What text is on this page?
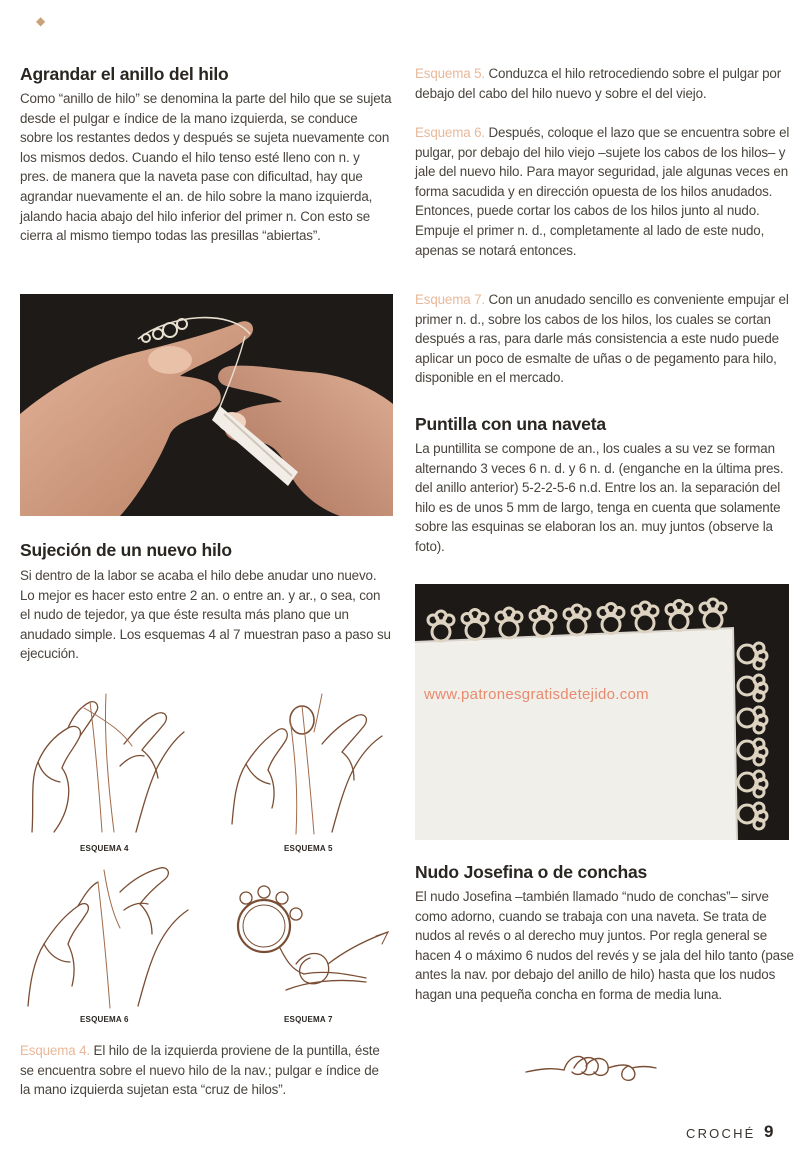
◆
Agrandar el anillo del hilo

Como “anillo de hilo” se denomina la parte del hilo que se sujeta desde el pulgar e índice de la mano izquierda, se conduce sobre los restantes dedos y después se sujeta nuevamente con los mismos dedos. Cuando el hilo tenso esté lleno con n. y pres. de manera que la naveta pase con dificultad, hay que agrandar nuevamente el an. de hilo sobre la mano izquierda, jalando hacia abajo del hilo inferior del primer n. Con esto se cierra al mismo tiempo todas las presillas “abiertas”.

Sujeción de un nuevo hilo

Si dentro de la labor se acaba el hilo debe anudar uno nuevo. Lo mejor es hacer esto entre 2 an. o entre an. y ar., o sea, con el nudo de tejedor, ya que éste resulta más plano que un anudado simple. Los esquemas 4 al 7 muestran paso a paso su ejecución.

ESQUEMA 4	ESQUEMA 5
ESQUEMA 6	ESQUEMA 7

Esquema 4. El hilo de la izquierda proviene de la puntilla, éste se encuentra sobre el nuevo hilo de la nav.; pulgar e índice de la mano izquierda sujetan esta “cruz de hilos”.

Esquema 5. Conduzca el hilo retrocediendo sobre el pulgar por debajo del cabo del hilo nuevo y sobre el del viejo.

Esquema 6. Después, coloque el lazo que se encuentra sobre el pulgar, por debajo del hilo viejo –sujete los cabos de los hilos– y jale del nuevo hilo. Para mayor seguridad, jale algunas veces en forma sacudida y en dirección opuesta de los hilos anudados. Entonces, puede cortar los cabos de los hilos junto al nudo. Empuje el primer n. d., completamente al lado de este nudo, apenas se notará entonces.

Esquema 7. Con un anudado sencillo es conveniente empujar el primer n. d., sobre los cabos de los hilos, los cuales se cortan después a ras, para darle más consistencia a este nudo puede aplicar un poco de esmalte de uñas o de pegamento para hilo, disponible en el mercado.

Puntilla con una naveta

La puntillita se compone de an., los cuales a su vez se forman alternando 3 veces 6 n. d. y 6 n. d. (enganche en la última pres. del anillo anterior) 5-2-2-5-6 n.d. Entre los an. la separación del hilo es de unos 5 mm de largo, tenga en cuenta que solamente sobre las esquinas se elaboran los an. muy juntos (observe la foto).

www.patronesgratisdetejido.com
Nudo Josefina o de conchas

El nudo Josefina –también llamado “nudo de conchas”– sirve como adorno, cuando se trabaja con una naveta. Se trata de nudos al revés o al derecho muy juntos. Por regla general se hacen 4 o máximo 6 nudos del revés y se jala del hilo tanto (pase antes la nav. por debajo del anillo de hilo) hasta que los nudos hagan una pequeña concha en forma de media luna.

CROCHÉ 9
